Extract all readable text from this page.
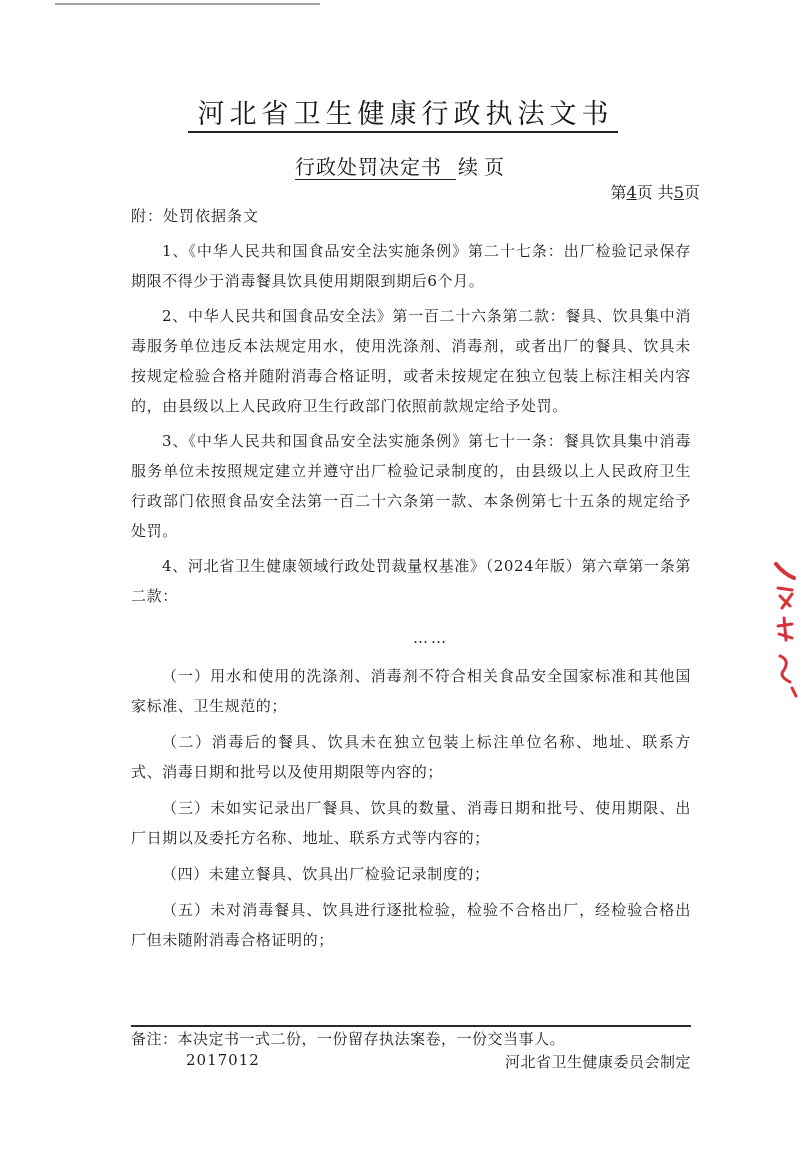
河北省卫生健康行政执法文书
行政处罚决定书 续页
第4页 共5页
附：处罚依据条文

1、《中华人民共和国食品安全法实施条例》第二十七条：出厂检验记录保存期限不得少于消毒餐具饮具使用期限到期后6个月。

2、中华人民共和国食品安全法》第一百二十六条第二款：餐具、饮具集中消毒服务单位违反本法规定用水，使用洗涤剂、消毒剂，或者出厂的餐具、饮具未按规定检验合格并随附消毒合格证明，或者未按规定在独立包装上标注相关内容的，由县级以上人民政府卫生行政部门依照前款规定给予处罚。

3、《中华人民共和国食品安全法实施条例》第七十一条：餐具饮具集中消毒服务单位未按照规定建立并遵守出厂检验记录制度的，由县级以上人民政府卫生行政部门依照食品安全法第一百二十六条第一款、本条例第七十五条的规定给予处罚。

4、河北省卫生健康领域行政处罚裁量权基准》（2024年版）第六章第一条第二款：

……

（一）用水和使用的洗涤剂、消毒剂不符合相关食品安全国家标准和其他国家标准、卫生规范的；

（二）消毒后的餐具、饮具未在独立包装上标注单位名称、地址、联系方式、消毒日期和批号以及使用期限等内容的；

（三）未如实记录出厂餐具、饮具的数量、消毒日期和批号、使用期限、出厂日期以及委托方名称、地址、联系方式等内容的；

（四）未建立餐具、饮具出厂检验记录制度的；

（五）未对消毒餐具、饮具进行逐批检验，检验不合格出厂，经检验合格出厂但未随附消毒合格证明的；

备注：本决定书一式二份，一份留存执法案卷，一份交当事人。
2017012	河北省卫生健康委员会制定
